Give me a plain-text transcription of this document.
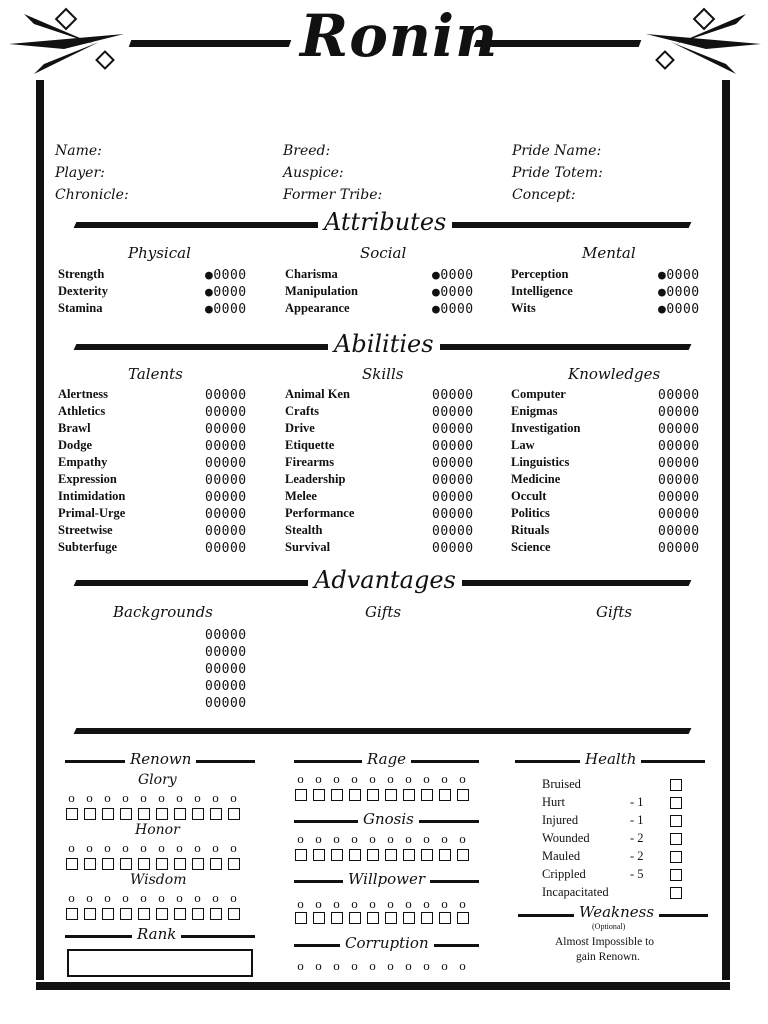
Ronin
Name:
Player:
Chronicle:
Breed:
Auspice:
Former Tribe:
Pride Name:
Pride Totem:
Concept:
Attributes
Physical	Social	Mental
Strength	●0000
Dexterity	●0000
Stamina	●0000
Charisma	●0000
Manipulation	●0000
Appearance	●0000
Perception	●0000
Intelligence	●0000
Wits	●0000
Abilities
Talents	Skills	Knowledges
Alertness	00000
Athletics	00000
Brawl	00000
Dodge	00000
Empathy	00000
Expression	00000
Intimidation	00000
Primal-Urge	00000
Streetwise	00000
Subterfuge	00000
Animal Ken	00000
Crafts	00000
Drive	00000
Etiquette	00000
Firearms	00000
Leadership	00000
Melee	00000
Performance	00000
Stealth	00000
Survival	00000
Computer	00000
Enigmas	00000
Investigation	00000
Law	00000
Linguistics	00000
Medicine	00000
Occult	00000
Politics	00000
Rituals	00000
Science	00000
Advantages
Backgrounds	Gifts	Gifts
00000
00000
00000
00000
00000
Renown
Glory
Honor
Wisdom
Rank
Rage
Gnosis
Willpower
Corruption
Health
Bruised
Hurt	- 1
Injured	- 1
Wounded	- 2
Mauled	- 2
Crippled	- 5
Incapacitated
Weakness
(Optional)
Almost Impossible to
gain Renown.
o o o o o o o o o o
o o o o o o o o o o
o o o o o o o o o o
o o o o o o o o o o
o o o o o o o o o o
o o o o o o o o o o
o o o o o o o o o o
